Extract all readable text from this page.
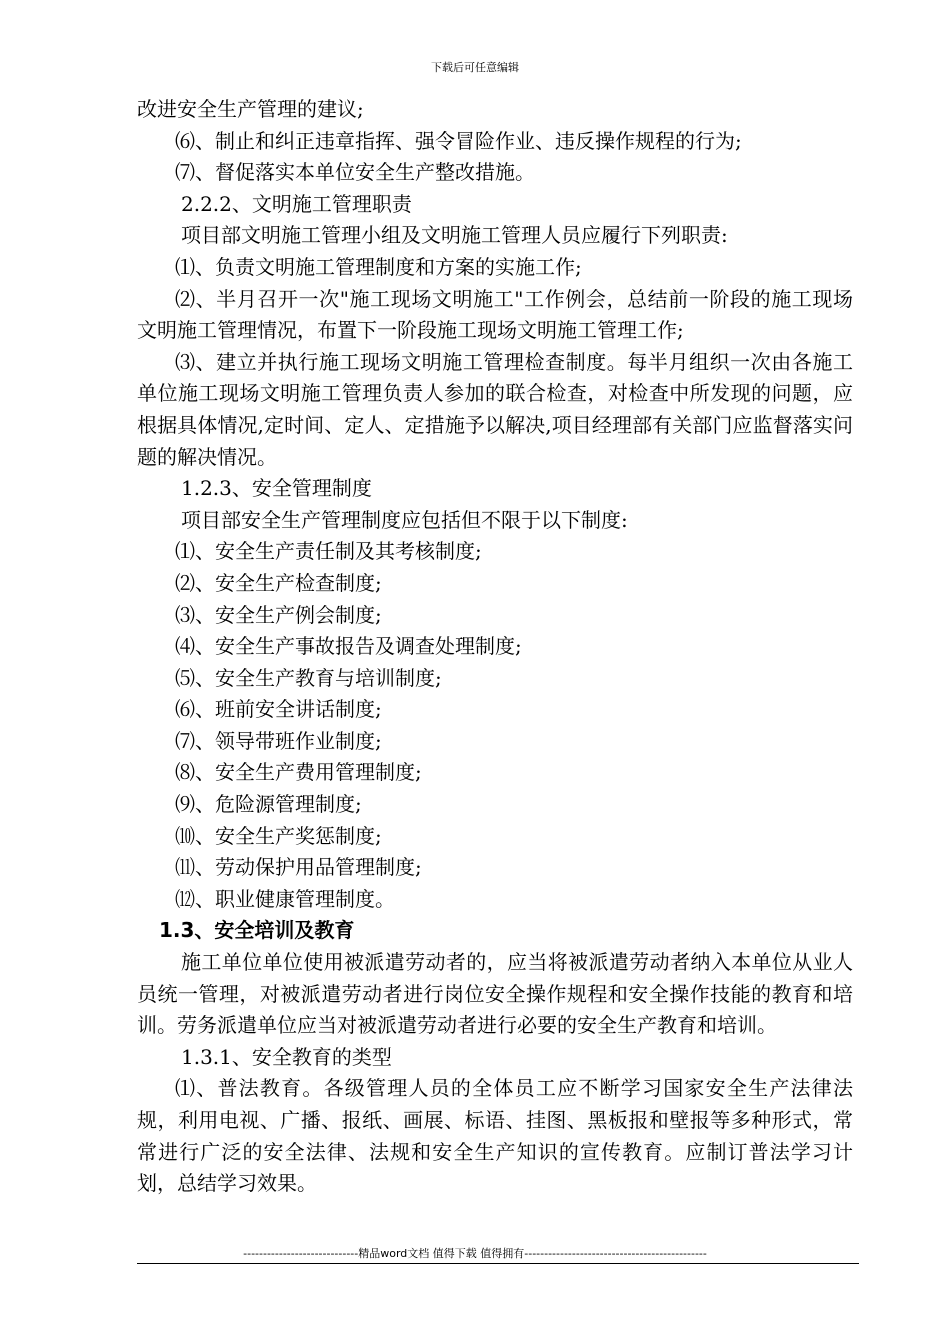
下载后可任意编辑

改进安全生产管理的建议;

⑹、制止和纠正违章指挥、强令冒险作业、违反操作规程的行为;

⑺、督促落实本单位安全生产整改措施。

2.2.2、文明施工管理职责

项目部文明施工管理小组及文明施工管理人员应履行下列职责:

⑴、负责文明施工管理制度和方案的实施工作;

⑵、半月召开一次"施工现场文明施工"工作例会，总结前一阶段的施工现场文明施工管理情况，布置下一阶段施工现场文明施工管理工作;

⑶、建立并执行施工现场文明施工管理检查制度。每半月组织一次由各施工单位施工现场文明施工管理负责人参加的联合检查，对检查中所发现的问题，应根据具体情况,定时间、定人、定措施予以解决,项目经理部有关部门应监督落实问题的解决情况。

1.2.3、安全管理制度

项目部安全生产管理制度应包括但不限于以下制度:

⑴、安全生产责任制及其考核制度;

⑵、安全生产检查制度;

⑶、安全生产例会制度;

⑷、安全生产事故报告及调查处理制度;

⑸、安全生产教育与培训制度;

⑹、班前安全讲话制度;

⑺、领导带班作业制度;

⑻、安全生产费用管理制度;

⑼、危险源管理制度;

⑽、安全生产奖惩制度;

⑾、劳动保护用品管理制度;

⑿、职业健康管理制度。

1.3、安全培训及教育

施工单位单位使用被派遣劳动者的，应当将被派遣劳动者纳入本单位从业人员统一管理，对被派遣劳动者进行岗位安全操作规程和安全操作技能的教育和培训。劳务派遣单位应当对被派遣劳动者进行必要的安全生产教育和培训。

1.3.1、安全教育的类型

⑴、普法教育。各级管理人员的全体员工应不断学习国家安全生产法律法规，利用电视、广播、报纸、画展、标语、挂图、黑板报和壁报等多种形式，常常进行广泛的安全法律、法规和安全生产知识的宣传教育。应制订普法学习计划，总结学习效果。

-----------------------------精品word文档 值得下载 值得拥有----------------------------------------------
